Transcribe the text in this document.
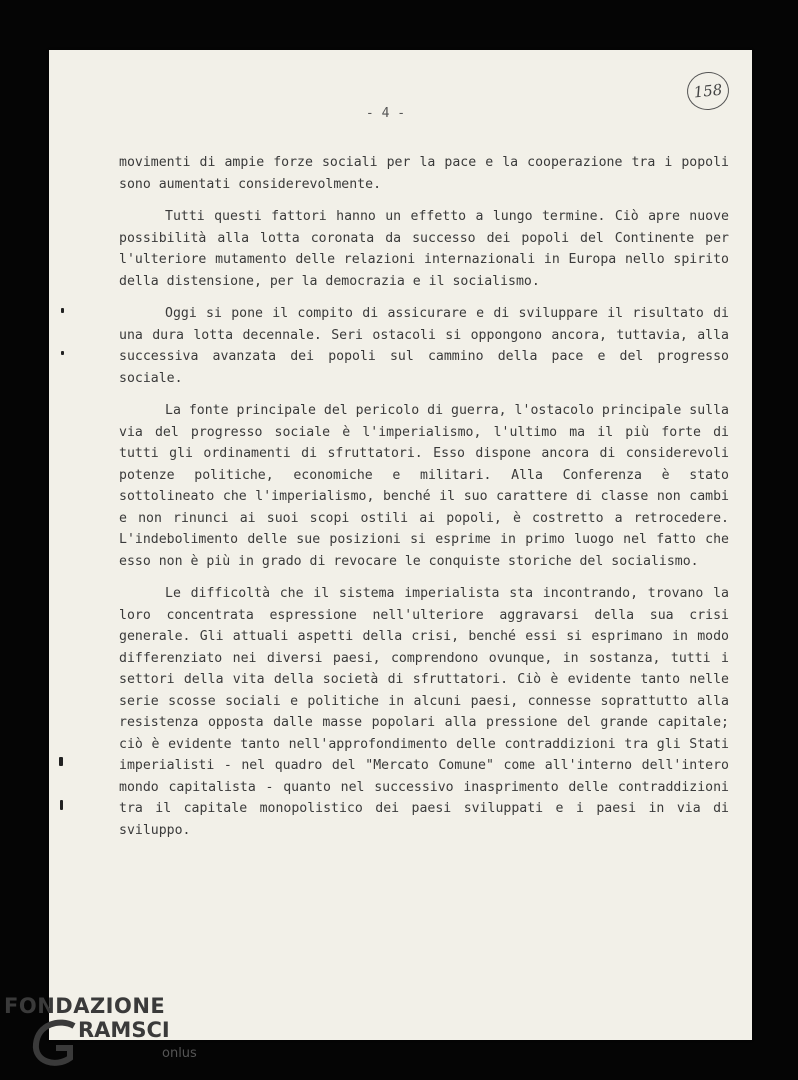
158
- 4 -

movimenti di ampie forze sociali per la pace e la cooperazione tra i popoli sono aumentati considerevolmente.

Tutti questi fattori hanno un effetto a lungo termine. Ciò apre nuove possibilità alla lotta coronata da successo dei popoli del Continente per l'ulteriore mutamento delle relazioni internazionali in Europa nello spirito della distensione, per la democrazia e il socialismo.

Oggi si pone il compito di assicurare e di sviluppare il risultato di una dura lotta decennale. Seri ostacoli si oppongono ancora, tuttavia, alla successiva avanzata dei popoli sul cammino della pace e del progresso sociale.

La fonte principale del pericolo di guerra, l'ostacolo principale sulla via del progresso sociale è l'imperialismo, l'ultimo ma il più forte di tutti gli ordinamenti di sfruttatori. Esso dispone ancora di considerevoli potenze politiche, economiche e militari. Alla Conferenza è stato sottolineato che l'imperialismo, benché il suo carattere di classe non cambi e non rinunci ai suoi scopi ostili ai popoli, è costretto a retrocedere. L'indebolimento delle sue posizioni si esprime in primo luogo nel fatto che esso non è più in grado di revocare le conquiste storiche del socialismo.

Le difficoltà che il sistema imperialista sta incontrando, trovano la loro concentrata espressione nell'ulteriore aggravarsi della sua crisi generale. Gli attuali aspetti della crisi, benché essi si esprimano in modo differenziato nei diversi paesi, comprendono ovunque, in sostanza, tutti i settori della vita della società di sfruttatori. Ciò è evidente tanto nelle serie scosse sociali e politiche in alcuni paesi, connesse soprattutto alla resistenza opposta dalle masse popolari alla pressione del grande capitale; ciò è evidente tanto nell'approfondimento delle contraddizioni tra gli Stati imperialisti - nel quadro del "Mercato Comune" come all'interno dell'intero mondo capitalista - quanto nel successivo inasprimento delle contraddizioni tra il capitale monopolistico dei paesi sviluppati e i paesi in via di sviluppo.

FONDAZIONE
RAMSCI
onlus
